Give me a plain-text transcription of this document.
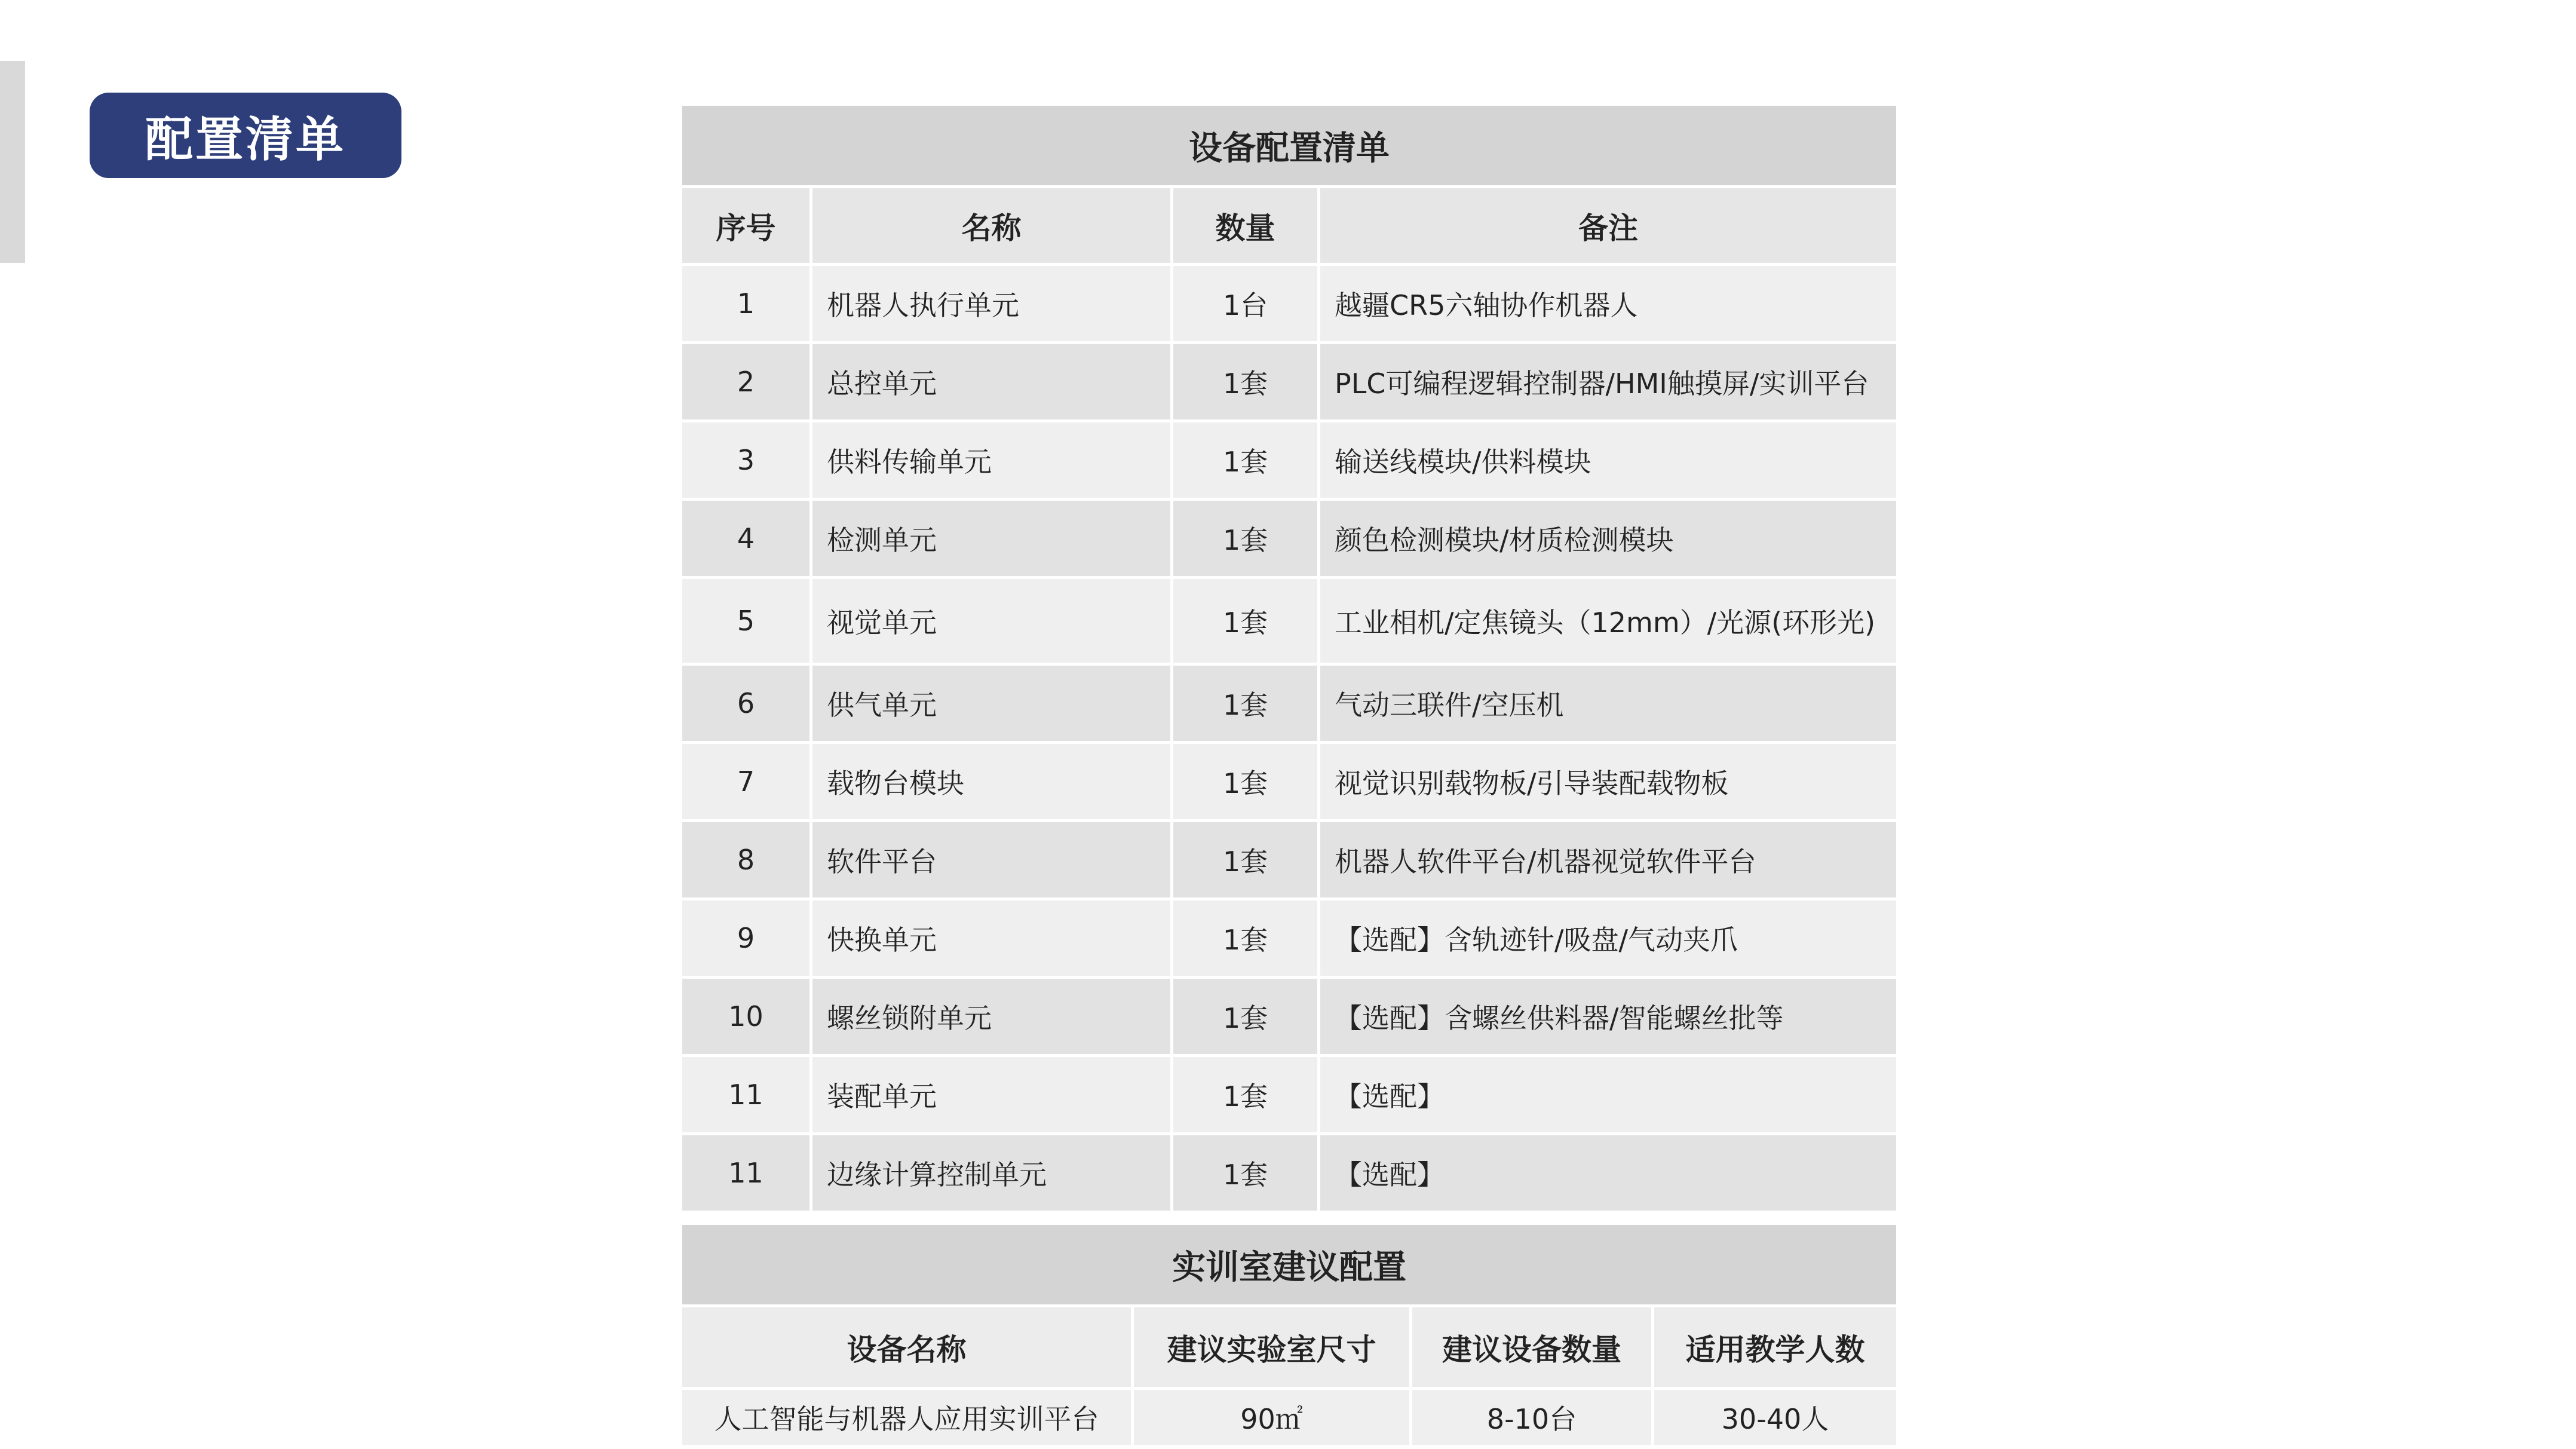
配置清单	设备配置清单			
序号	名称	数量	备注
1	机器人执行单元	1台	越疆CR5六轴协作机器人
2	总控单元	1套	PLC可编程逻辑控制器/HMI触摸屏/实训平台
3	供料传输单元	1套	输送线模块/供料模块
4	检测单元	1套	颜色检测模块/材质检测模块
5	视觉单元	1套	工业相机/定焦镜头（12mm）/光源(环形光)
6	供气单元	1套	气动三联件/空压机
7	载物台模块	1套	视觉识别载物板/引导装配载物板
8	软件平台	1套	机器人软件平台/机器视觉软件平台
9	快换单元	1套	【选配】含轨迹针/吸盘/气动夹爪
10	螺丝锁附单元	1套	【选配】含螺丝供料器/智能螺丝批等
11	装配单元	1套	【选配】
11	边缘计算控制单元	1套	【选配】
实训室建议配置			
设备名称	建议实验室尺寸	建议设备数量	适用教学人数
人工智能与机器人应用实训平台	90㎡	8-10台	30-40人
